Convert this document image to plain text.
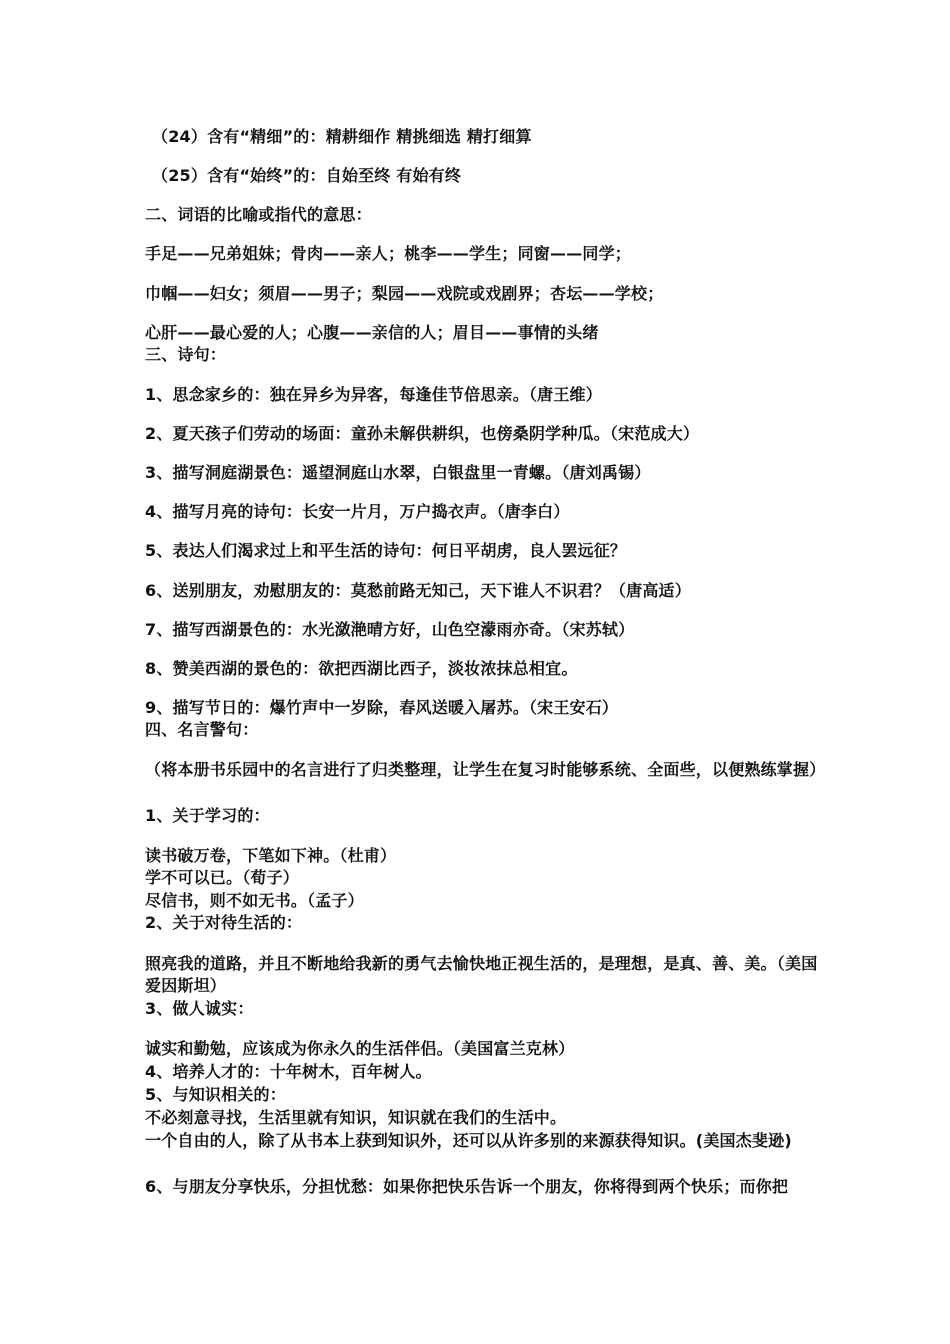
（24）含有“精细”的：精耕细作 精挑细选 精打细算
（25）含有“始终”的：自始至终 有始有终
二、词语的比喻或指代的意思：
手足——兄弟姐妹；骨肉——亲人；桃李——学生；同窗——同学；
巾帼——妇女；须眉——男子；梨园——戏院或戏剧界；杏坛——学校；
心肝——最心爱的人；心腹——亲信的人；眉目——事情的头绪
三、诗句：
1、思念家乡的：独在异乡为异客，每逢佳节倍思亲。（唐王维）
2、夏天孩子们劳动的场面：童孙未解供耕织，也傍桑阴学种瓜。（宋范成大）
3、描写洞庭湖景色：遥望洞庭山水翠，白银盘里一青螺。（唐刘禹锡）
4、描写月亮的诗句：长安一片月，万户捣衣声。（唐李白）
5、表达人们渴求过上和平生活的诗句：何日平胡虏，良人罢远征？
6、送别朋友，劝慰朋友的：莫愁前路无知己，天下谁人不识君？（唐高适）
7、描写西湖景色的：水光潋滟晴方好，山色空濛雨亦奇。（宋苏轼）
8、赞美西湖的景色的：欲把西湖比西子，淡妆浓抹总相宜。
9、描写节日的：爆竹声中一岁除，春风送暖入屠苏。（宋王安石）
四、名言警句：
（将本册书乐园中的名言进行了归类整理，让学生在复习时能够系统、全面些，以便熟练掌握）
1、关于学习的：
读书破万卷，下笔如下神。（杜甫）
学不可以已。（荀子）
尽信书，则不如无书。（孟子）
2、关于对待生活的：
照亮我的道路，并且不断地给我新的勇气去愉快地正视生活的，是理想，是真、善、美。（美国爱因斯坦）
3、做人诚实：
诚实和勤勉，应该成为你永久的生活伴侣。（美国富兰克林）
4、培养人才的：十年树木，百年树人。
5、与知识相关的：
不必刻意寻找，生活里就有知识，知识就在我们的生活中。
一个自由的人，除了从书本上获到知识外，还可以从许多别的来源获得知识。(美国杰斐逊)
6、与朋友分享快乐，分担忧愁：如果你把快乐告诉一个朋友，你将得到两个快乐；而你把
